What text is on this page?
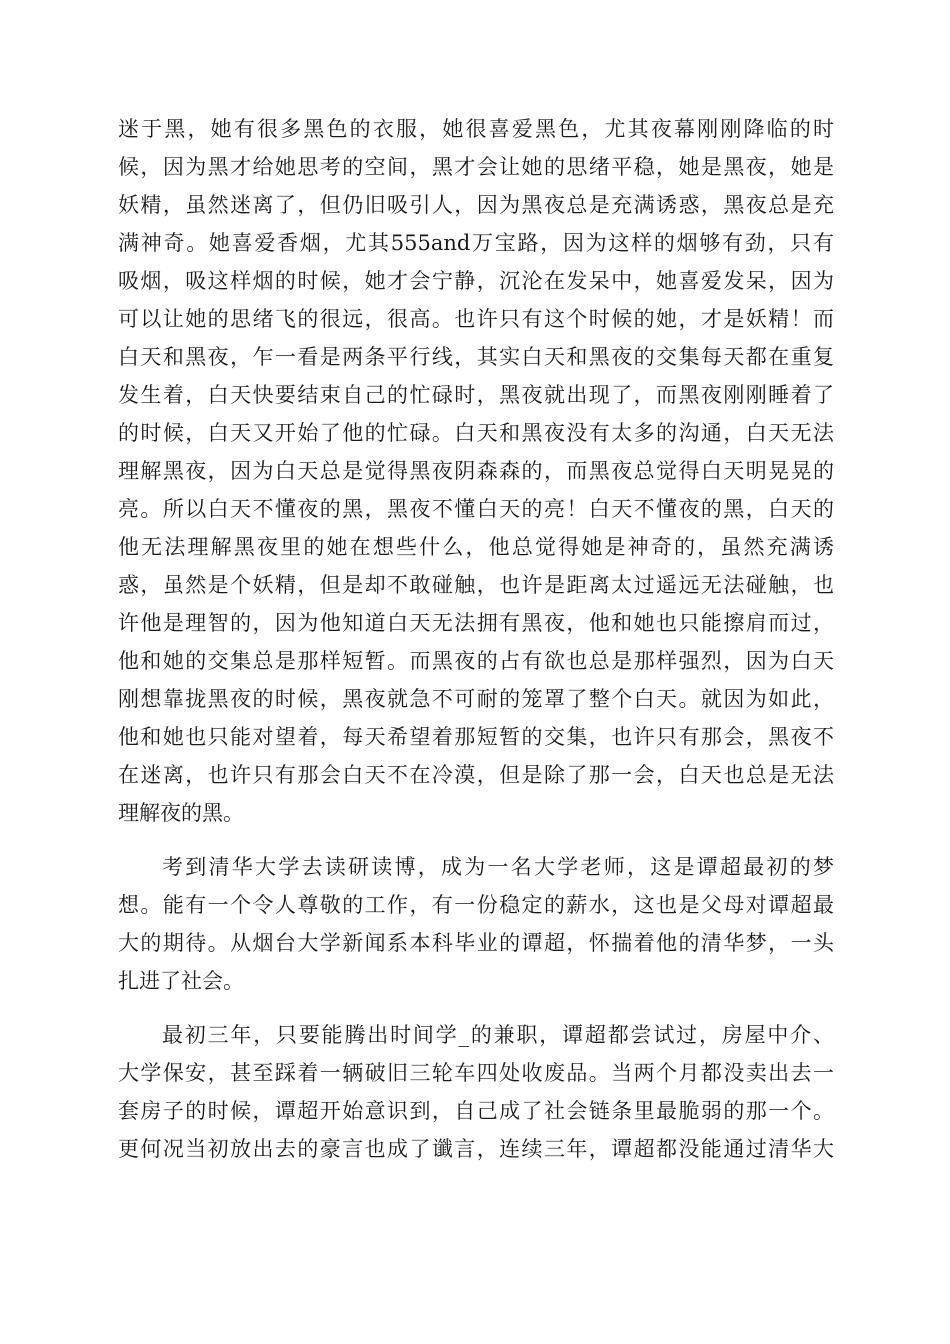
迷于黑，她有很多黑色的衣服，她很喜爱黑色，尤其夜幕刚刚降临的时
候，因为黑才给她思考的空间，黑才会让她的思绪平稳，她是黑夜，她是
妖精，虽然迷离了，但仍旧吸引人，因为黑夜总是充满诱惑，黑夜总是充
满神奇。她喜爱香烟，尤其555and万宝路，因为这样的烟够有劲，只有
吸烟，吸这样烟的时候，她才会宁静，沉沦在发呆中，她喜爱发呆，因为
可以让她的思绪飞的很远，很高。也许只有这个时候的她，才是妖精！而
白天和黑夜，乍一看是两条平行线，其实白天和黑夜的交集每天都在重复
发生着，白天快要结束自己的忙碌时，黑夜就出现了，而黑夜刚刚睡着了
的时候，白天又开始了他的忙碌。白天和黑夜没有太多的沟通，白天无法
理解黑夜，因为白天总是觉得黑夜阴森森的，而黑夜总觉得白天明晃晃的
亮。所以白天不懂夜的黑，黑夜不懂白天的亮！白天不懂夜的黑，白天的
他无法理解黑夜里的她在想些什么，他总觉得她是神奇的，虽然充满诱
惑，虽然是个妖精，但是却不敢碰触，也许是距离太过遥远无法碰触，也
许他是理智的，因为他知道白天无法拥有黑夜，他和她也只能擦肩而过，
他和她的交集总是那样短暂。而黑夜的占有欲也总是那样强烈，因为白天
刚想靠拢黑夜的时候，黑夜就急不可耐的笼罩了整个白天。就因为如此，
他和她也只能对望着，每天希望着那短暂的交集，也许只有那会，黑夜不
在迷离，也许只有那会白天不在冷漠，但是除了那一会，白天也总是无法
理解夜的黑。
考到清华大学去读研读博，成为一名大学老师，这是谭超最初的梦
想。能有一个令人尊敬的工作，有一份稳定的薪水，这也是父母对谭超最
大的期待。从烟台大学新闻系本科毕业的谭超，怀揣着他的清华梦，一头
扎进了社会。
最初三年，只要能腾出时间学_的兼职，谭超都尝试过，房屋中介、
大学保安，甚至踩着一辆破旧三轮车四处收废品。当两个月都没卖出去一
套房子的时候，谭超开始意识到，自己成了社会链条里最脆弱的那一个。
更何况当初放出去的豪言也成了谶言，连续三年，谭超都没能通过清华大
